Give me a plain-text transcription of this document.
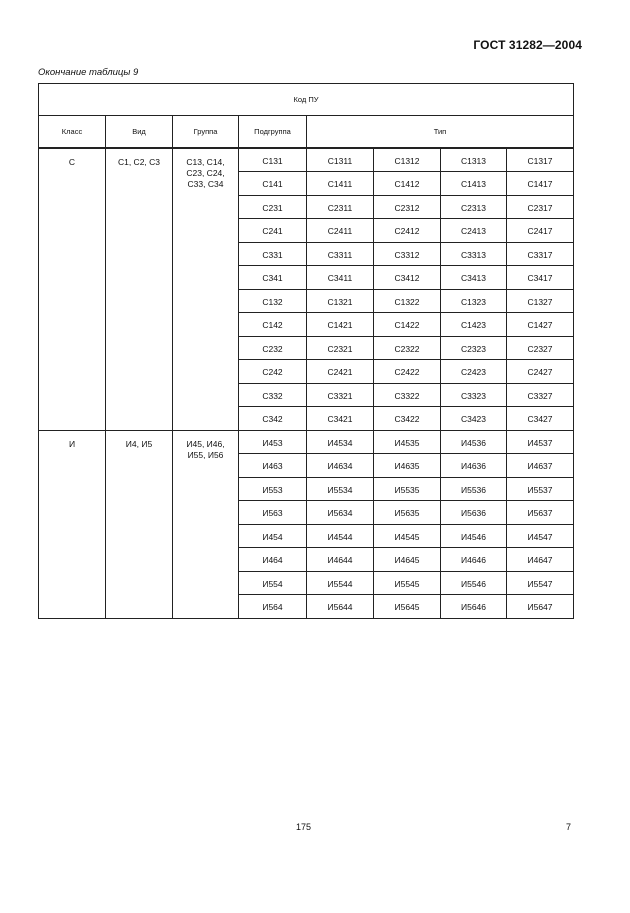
ГОСТ 31282—2004
Окончание таблицы 9
Код ПУ							
Класс	Вид	Группа	Подгруппа	Тип			
С	С1, С2, С3	С13, С14,
С23, С24,
С33, С34	С131	С1311	С1312	С1313	С1317
			С141	С1411	С1412	С1413	С1417
			С231	С2311	С2312	С2313	С2317
			С241	С2411	С2412	С2413	С2417
			С331	С3311	С3312	С3313	С3317
			С341	С3411	С3412	С3413	С3417
			С132	С1321	С1322	С1323	С1327
			С142	С1421	С1422	С1423	С1427
			С232	С2321	С2322	С2323	С2327
			С242	С2421	С2422	С2423	С2427
			С332	С3321	С3322	С3323	С3327
			С342	С3421	С3422	С3423	С3427
И	И4, И5	И45, И46,
И55, И56	И453	И4534	И4535	И4536	И4537
			И463	И4634	И4635	И4636	И4637
			И553	И5534	И5535	И5536	И5537
			И563	И5634	И5635	И5636	И5637
			И454	И4544	И4545	И4546	И4547
			И464	И4644	И4645	И4646	И4647
			И554	И5544	И5545	И5546	И5547
			И564	И5644	И5645	И5646	И5647
175	7
